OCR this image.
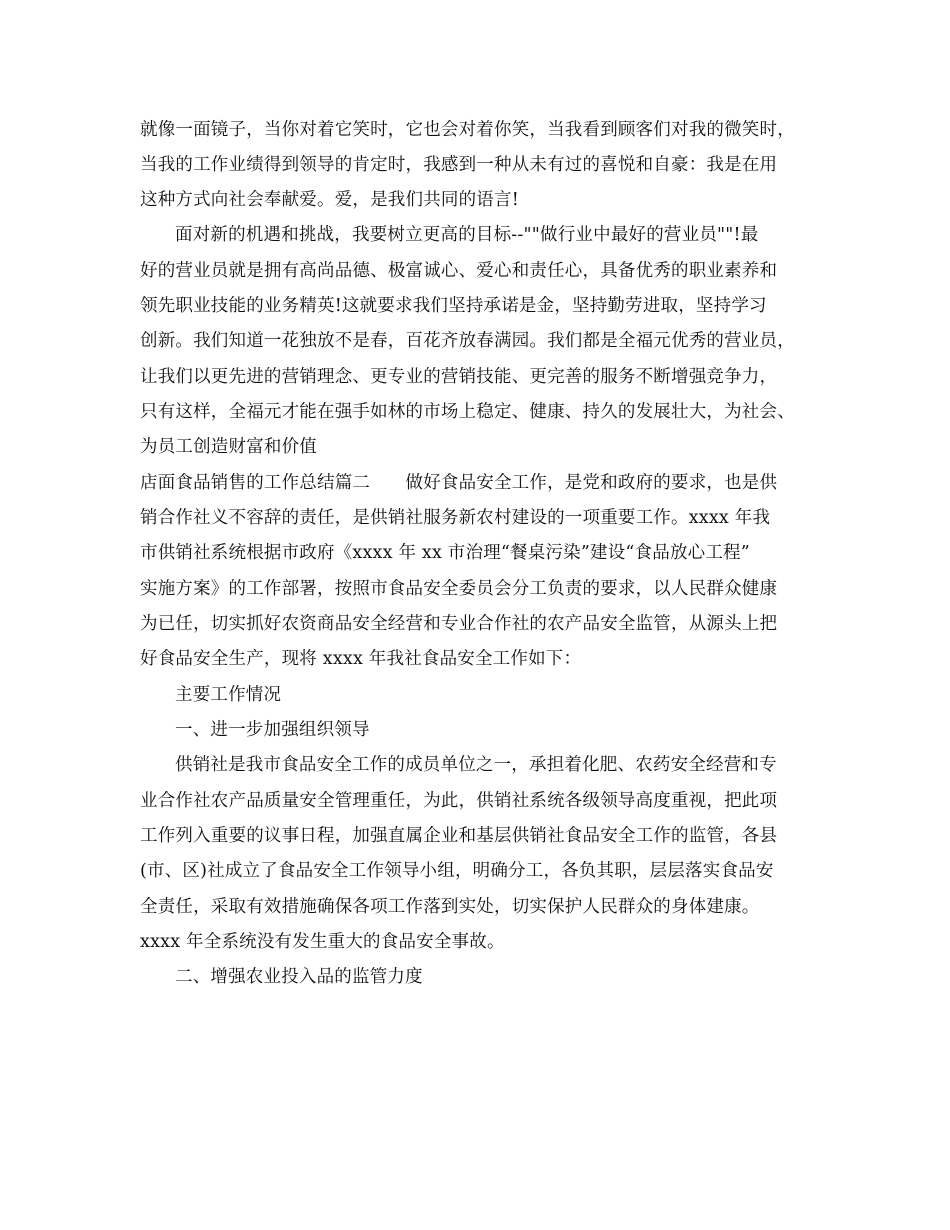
就像一面镜子，当你对着它笑时，它也会对着你笑，当我看到顾客们对我的微笑时，
当我的工作业绩得到领导的肯定时，我感到一种从未有过的喜悦和自豪：我是在用
这种方式向社会奉献爱。爱，是我们共同的语言!
面对新的机遇和挑战，我要树立更高的目标--""做行业中最好的营业员""!最
好的营业员就是拥有高尚品德、极富诚心、爱心和责任心，具备优秀的职业素养和
领先职业技能的业务精英!这就要求我们坚持承诺是金，坚持勤劳进取，坚持学习
创新。我们知道一花独放不是春，百花齐放春满园。我们都是全福元优秀的营业员，
让我们以更先进的营销理念、更专业的营销技能、更完善的服务不断增强竞争力，
只有这样，全福元才能在强手如林的市场上稳定、健康、持久的发展壮大，为社会、
为员工创造财富和价值
店面食品销售的工作总结篇二　　做好食品安全工作，是党和政府的要求，也是供
销合作社义不容辞的责任，是供销社服务新农村建设的一项重要工作。xxxx 年我
市供销社系统根据市政府《xxxx 年 xx 市治理“餐桌污染”建设“食品放心工程”
实施方案》的工作部署，按照市食品安全委员会分工负责的要求，以人民群众健康
为已任，切实抓好农资商品安全经营和专业合作社的农产品安全监管，从源头上把
好食品安全生产，现将 xxxx 年我社食品安全工作如下：
主要工作情况
一、进一步加强组织领导
供销社是我市食品安全工作的成员单位之一，承担着化肥、农药安全经营和专
业合作社农产品质量安全管理重任，为此，供销社系统各级领导高度重视，把此项
工作列入重要的议事日程，加强直属企业和基层供销社食品安全工作的监管，各县
(市、区)社成立了食品安全工作领导小组，明确分工，各负其职，层层落实食品安
全责任，采取有效措施确保各项工作落到实处，切实保护人民群众的身体建康。
xxxx 年全系统没有发生重大的食品安全事故。
二、增强农业投入品的监管力度
